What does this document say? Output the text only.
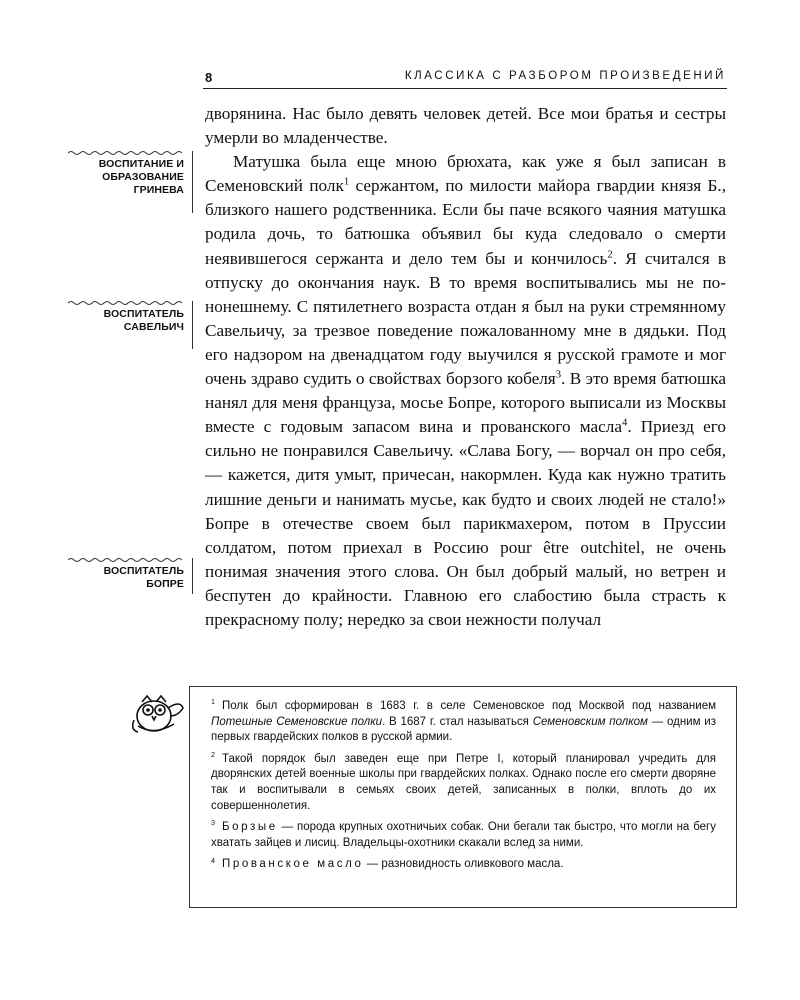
8	КЛАССИКА С РАЗБОРОМ ПРОИЗВЕДЕНИЙ
ВОСПИТАНИЕ И
ОБРАЗОВАНИЕ
ГРИНЕВА
ВОСПИТАТЕЛЬ
САВЕЛЬИЧ
ВОСПИТАТЕЛЬ
БОПРЕ

дворянина. Нас было девять человек детей. Все мои братья и сестры умерли во младенчестве.

Матушка была еще мною брюхата, как уже я был записан в Семеновский полк$^1$ сержантом, по милости майора гвардии князя Б., близкого нашего родственника. Если бы паче всякого чаяния матушка родила дочь, то батюшка объявил бы куда следовало о смерти неявившегося сержанта и дело тем бы и кончилось$^2$. Я считался в отпуску до окончания наук. В то время воспитывались мы не по-нонешнему. С пятилетнего возраста отдан я был на руки стремянному Савельичу, за трезвое поведение пожалованному мне в дядьки. Под его надзором на двенадцатом году выучился я русской грамоте и мог очень здраво судить о свойствах борзого кобеля$^3$. В это время батюшка нанял для меня француза, мосье Бопре, которого выписали из Москвы вместе с годовым запасом вина и прованского масла$^4$. Приезд его сильно не понравился Савельичу. «Слава Богу, — ворчал он про себя, — кажется, дитя умыт, причесан, накормлен. Куда как нужно тратить лишние деньги и нанимать мусье, как будто и своих людей не стало!» Бопре в отечестве своем был парикмахером, потом в Пруссии солдатом, потом приехал в Россию pour être outchitel, не очень понимая значения этого слова. Он был добрый малый, но ветрен и беспутен до крайности. Главною его слабостию была страсть к прекрасному полу; нередко за свои нежности получал

$^1$ Полк был сформирован в 1683 г. в селе Семеновское под Москвой под названием Потешные Семеновские полки. В 1687 г. стал называться Семеновским полком — одним из первых гвардейских полков в русской армии.

$^2$ Такой порядок был заведен еще при Петре I, который планировал учредить для дворянских детей военные школы при гвардейских полках. Однако после его смерти дворяне так и воспитывали в семьях своих детей, записанных в полки, вплоть до их совершеннолетия.

$^3$ Борзые — порода крупных охотничьих собак. Они бегали так быстро, что могли на бегу хватать зайцев и лисиц. Владельцы-охотники скакали вслед за ними.

$^4$ Прованское масло — разновидность оливкового масла.
